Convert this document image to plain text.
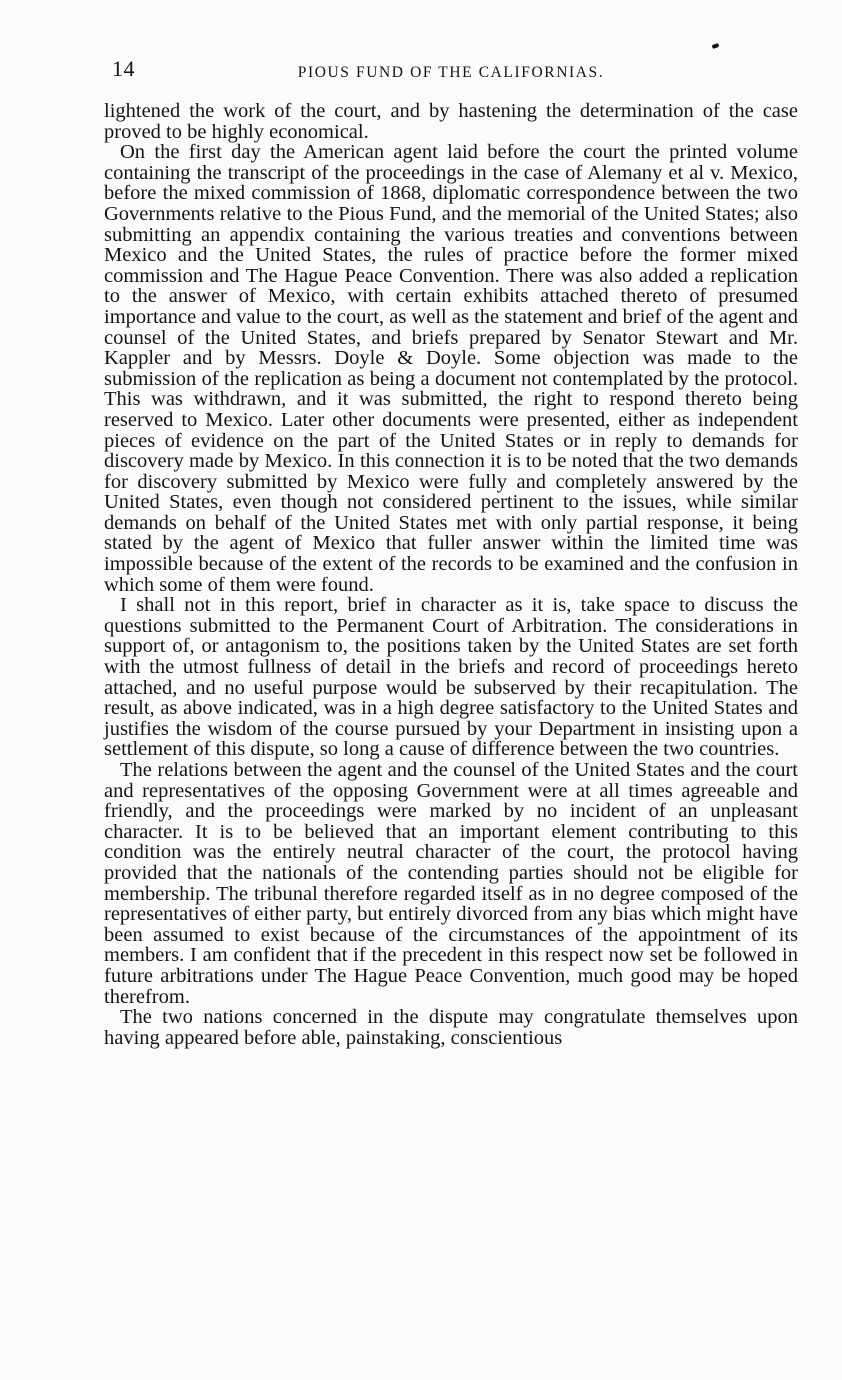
14	PIOUS FUND OF THE CALIFORNIAS.

lightened the work of the court, and by hastening the determination of the case proved to be highly economical.

On the first day the American agent laid before the court the printed volume containing the transcript of the proceedings in the case of Alemany et al v. Mexico, before the mixed commission of 1868, diplomatic correspondence between the two Governments relative to the Pious Fund, and the memorial of the United States; also submitting an appendix containing the various treaties and conventions between Mexico and the United States, the rules of practice before the former mixed commission and The Hague Peace Convention. There was also added a replication to the answer of Mexico, with certain exhibits attached thereto of presumed importance and value to the court, as well as the statement and brief of the agent and counsel of the United States, and briefs prepared by Senator Stewart and Mr. Kappler and by Messrs. Doyle & Doyle. Some objection was made to the submission of the replication as being a document not contemplated by the protocol. This was withdrawn, and it was submitted, the right to respond thereto being reserved to Mexico. Later other documents were presented, either as independent pieces of evidence on the part of the United States or in reply to demands for discovery made by Mexico. In this connection it is to be noted that the two demands for discovery submitted by Mexico were fully and completely answered by the United States, even though not considered pertinent to the issues, while similar demands on behalf of the United States met with only partial response, it being stated by the agent of Mexico that fuller answer within the limited time was impossible because of the extent of the records to be examined and the confusion in which some of them were found.

I shall not in this report, brief in character as it is, take space to discuss the questions submitted to the Permanent Court of Arbitration. The considerations in support of, or antagonism to, the positions taken by the United States are set forth with the utmost fullness of detail in the briefs and record of proceedings hereto attached, and no useful purpose would be subserved by their recapitulation. The result, as above indicated, was in a high degree satisfactory to the United States and justifies the wisdom of the course pursued by your Department in insisting upon a settlement of this dispute, so long a cause of difference between the two countries.

The relations between the agent and the counsel of the United States and the court and representatives of the opposing Government were at all times agreeable and friendly, and the proceedings were marked by no incident of an unpleasant character. It is to be believed that an important element contributing to this condition was the entirely neutral character of the court, the protocol having provided that the nationals of the contending parties should not be eligible for membership. The tribunal therefore regarded itself as in no degree composed of the representatives of either party, but entirely divorced from any bias which might have been assumed to exist because of the circumstances of the appointment of its members. I am confident that if the precedent in this respect now set be followed in future arbitrations under The Hague Peace Convention, much good may be hoped therefrom.

The two nations concerned in the dispute may congratulate themselves upon having appeared before able, painstaking, conscientious
